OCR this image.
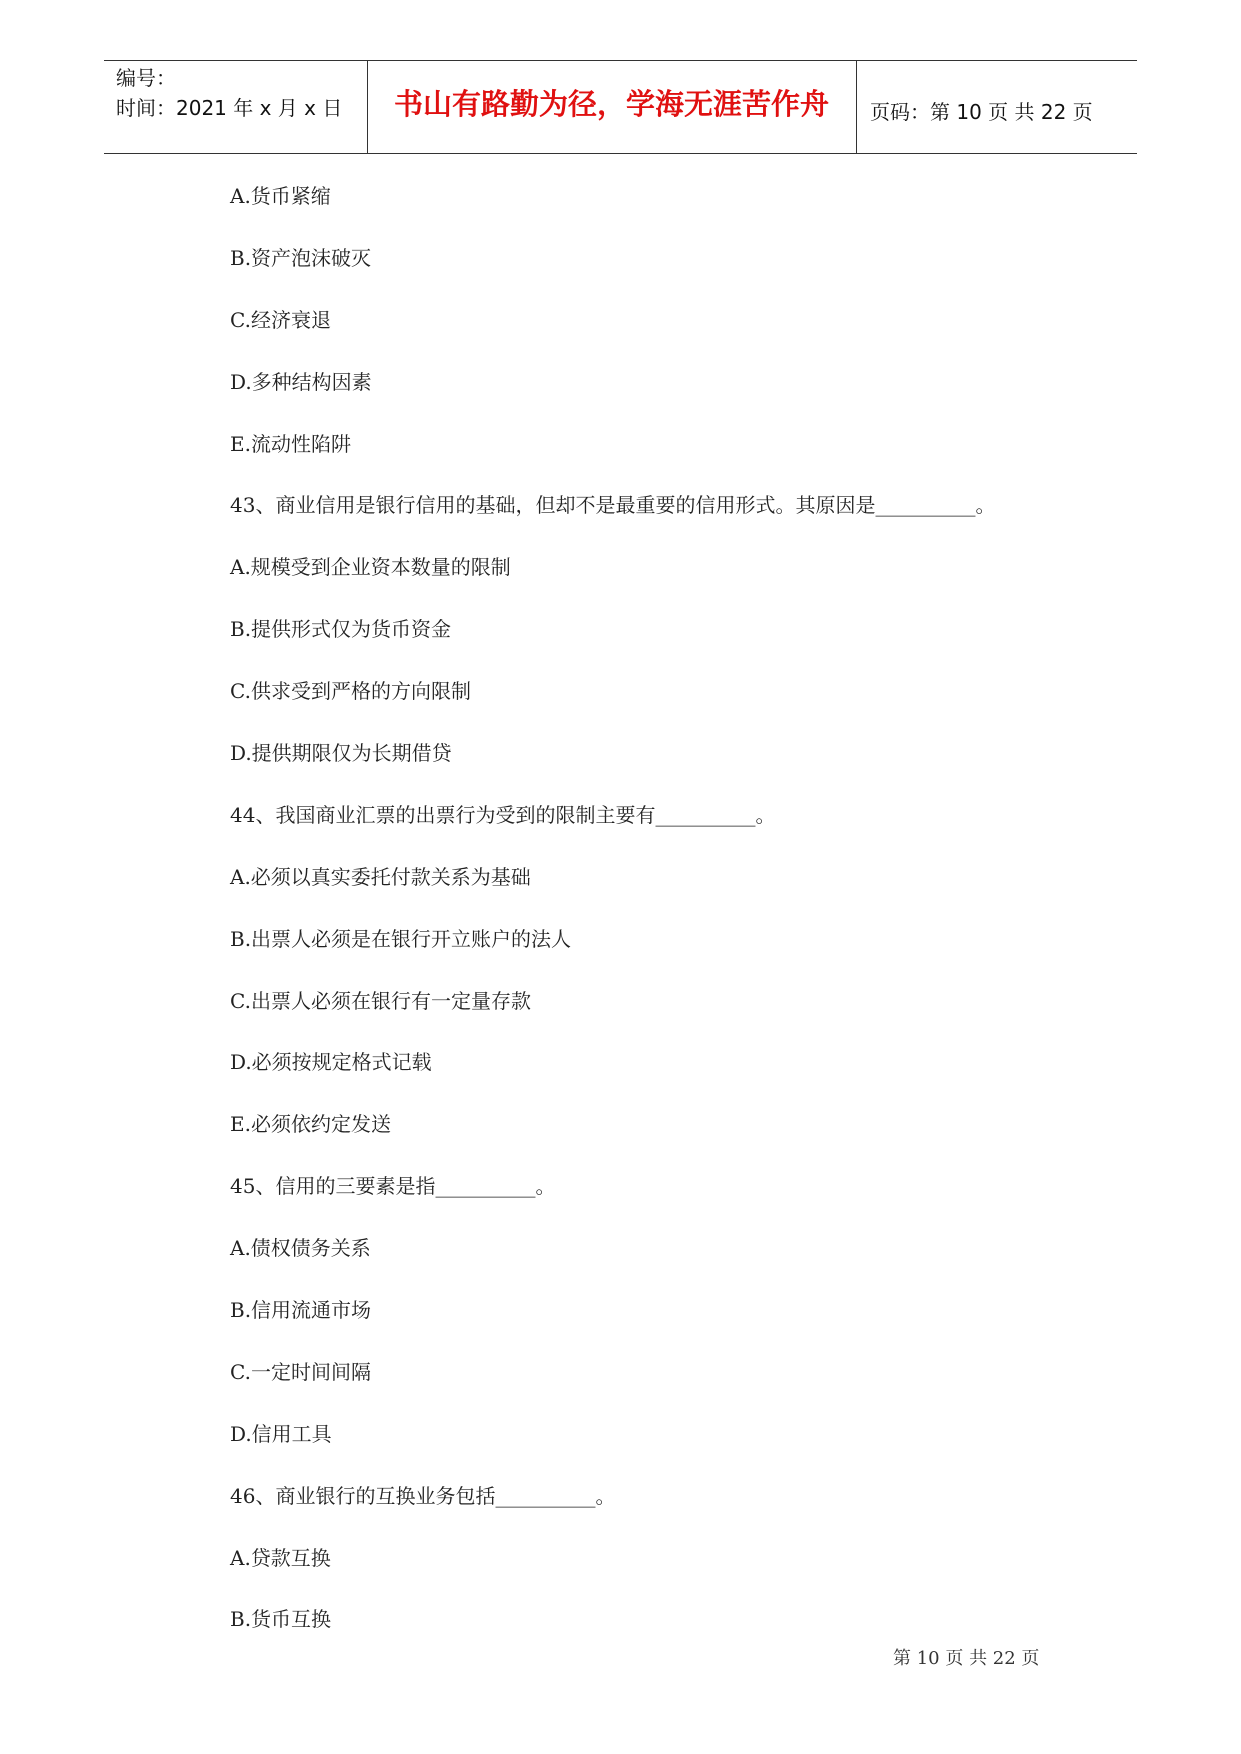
编号：
时间：2021 年 x 月 x 日	书山有路勤为径，学海无涯苦作舟	页码：第 10 页 共 22 页
A.货币紧缩
B.资产泡沫破灭
C.经济衰退
D.多种结构因素
E.流动性陷阱
43、商业信用是银行信用的基础，但却不是最重要的信用形式。其原因是__________。
A.规模受到企业资本数量的限制
B.提供形式仅为货币资金
C.供求受到严格的方向限制
D.提供期限仅为长期借贷
44、我国商业汇票的出票行为受到的限制主要有__________。
A.必须以真实委托付款关系为基础
B.出票人必须是在银行开立账户的法人
C.出票人必须在银行有一定量存款
D.必须按规定格式记载
E.必须依约定发送
45、信用的三要素是指__________。
A.债权债务关系
B.信用流通市场
C.一定时间间隔
D.信用工具
46、商业银行的互换业务包括__________。
A.贷款互换
B.货币互换
第 10 页 共 22 页
